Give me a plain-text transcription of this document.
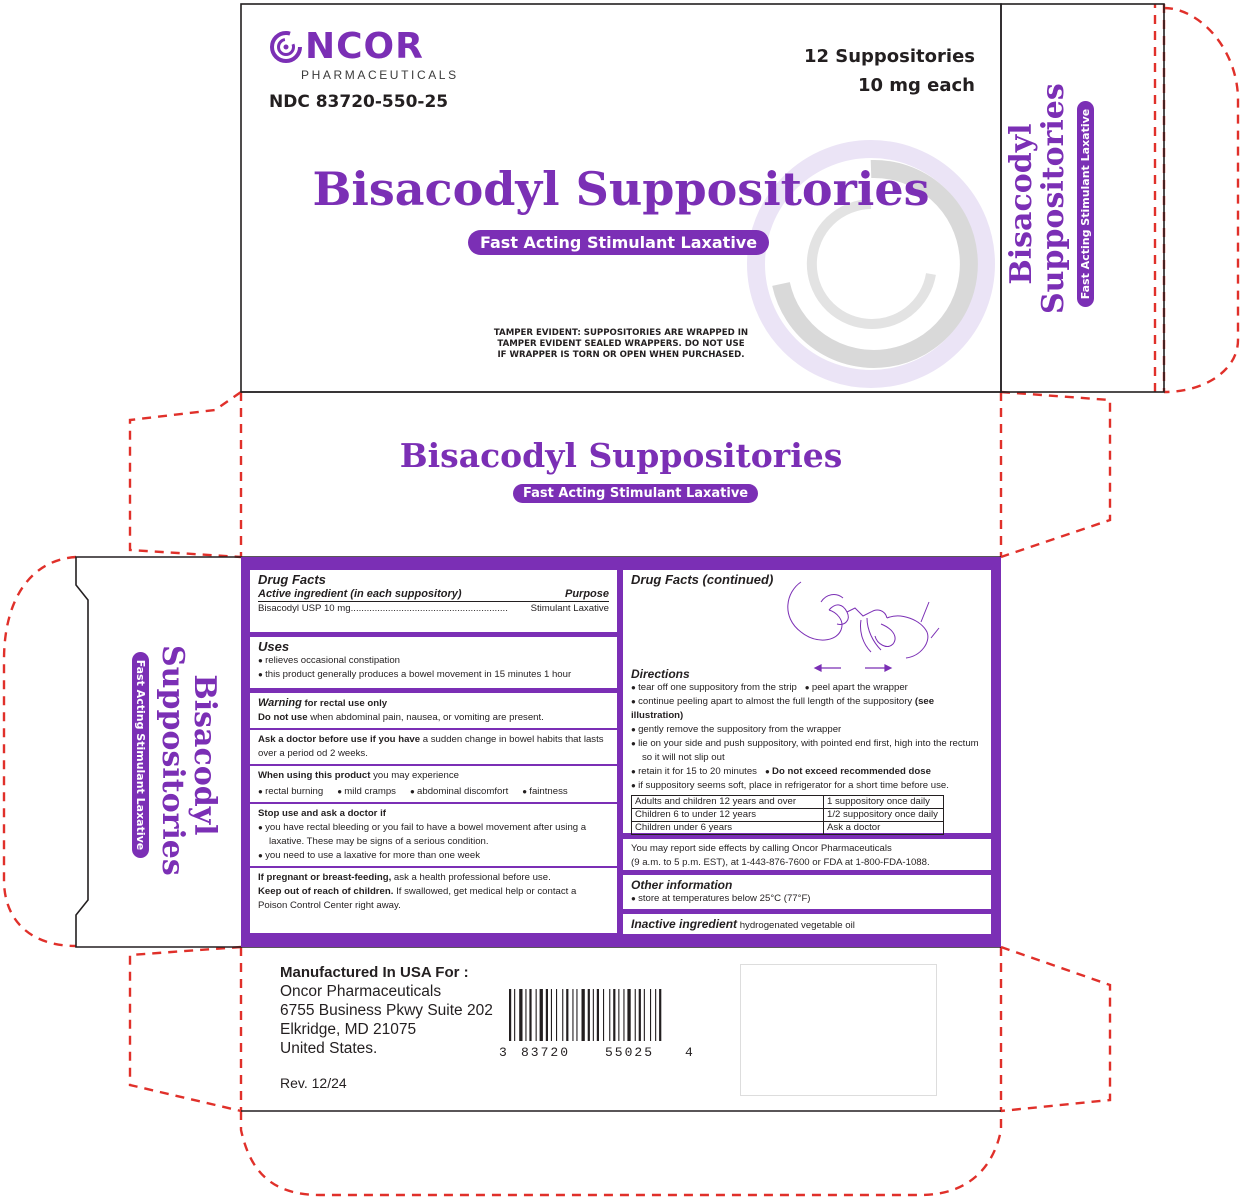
NCOR
PHARMACEUTICALS
NDC 83720-550-25
12 Suppositories
10 mg each
Bisacodyl Suppositories
Fast Acting Stimulant Laxative
TAMPER EVIDENT: SUPPOSITORIES ARE WRAPPED IN
TAMPER EVIDENT SEALED WRAPPERS. DO NOT USE
IF WRAPPER IS TORN OR OPEN WHEN PURCHASED.
Bisacodyl
Suppositories Fast Acting Stimulant Laxative
Bisacodyl Suppositories
Fast Acting Stimulant Laxative
Bisacodyl
Suppositories
Fast Acting Stimulant Laxative
Drug Facts
Active ingredient (in each suppository)	Purpose
Bisacodyl USP 10 mg........................................................... Stimulant Laxative
Uses
● relieves occasional constipation
● this product generally produces a bowel movement in 15 minutes 1 hour
Warning for rectal use only
Do not use when abdominal pain, nausea, or vomiting are present.
Ask a doctor before use if you have a sudden change in bowel habits that lasts
over a period od 2 weeks.
When using this product you may experience
● rectal burning	● mild cramps	● abdominal discomfort	● faintness
Stop use and ask a doctor if
● you have rectal bleeding or you fail to have a bowel movement after using a
laxative. These may be signs of a serious condition.
● you need to use a laxative for more than one week
If pregnant or breast-feeding, ask a health professional before use.
Keep out of reach of children. If swallowed, get medical help or contact a
Poison Control Center right away.
Drug Facts (continued)
Directions
● tear off one suppository from the strip ● peel apart the wrapper
● continue peeling apart to almost the full length of the suppository (see illustration)
● gently remove the suppository from the wrapper
● lie on your side and push suppository, with pointed end first, high into the rectum
so it will not slip out
● retain it for 15 to 20 minutes ● Do not exceed recommended dose
● if suppository seems soft, place in refrigerator for a short time before use.
Adults and children 12 years and over	1 suppository once daily
Children 6 to under 12 years	1/2 suppository once daily
Children under 6 years	Ask a doctor
You may report side effects by calling Oncor Pharmaceuticals
(9 a.m. to 5 p.m. EST), at 1-443-876-7600 or FDA at 1-800-FDA-1088.
Other information
● store at temperatures below 25°C (77°F)
Inactive ingredient hydrogenated vegetable oil
Manufactured In USA For :
Oncor Pharmaceuticals
6755 Business Pkwy Suite 202
Elkridge, MD 21075
United States.
Rev. 12/24
3 83720	55025 4
